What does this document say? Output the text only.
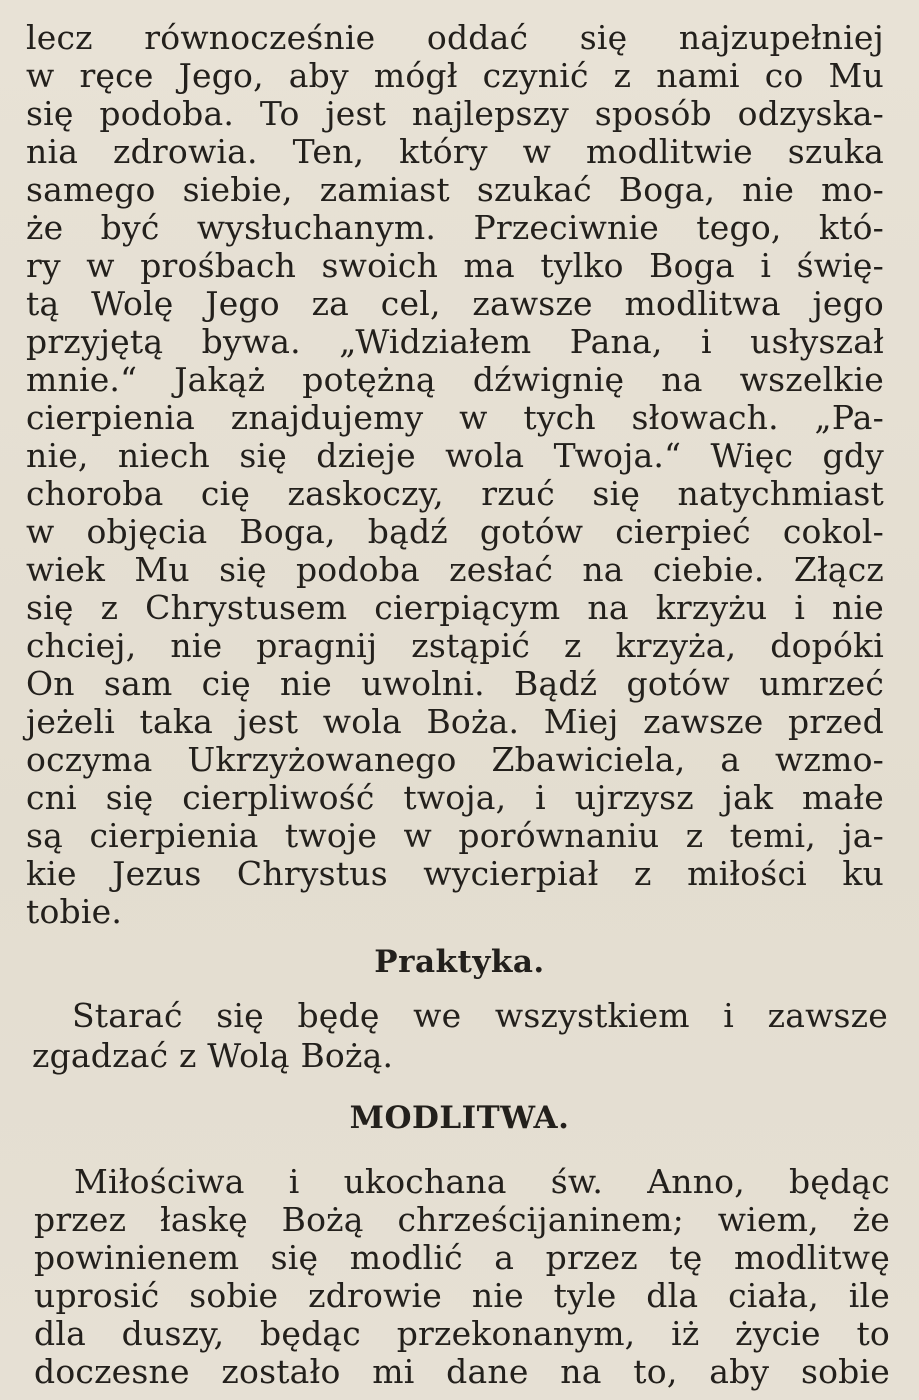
lecz równocześnie oddać się najzupełniej
w ręce Jego, aby mógł czynić z nami co Mu
się podoba. To jest najlepszy sposób odzyska-
nia zdrowia. Ten, który w modlitwie szuka
samego siebie, zamiast szukać Boga, nie mo-
że być wysłuchanym. Przeciwnie tego, któ-
ry w prośbach swoich ma tylko Boga i świę-
tą Wolę Jego za cel, zawsze modlitwa jego
przyjętą bywa. „Widziałem Pana, i usłyszał
mnie.“ Jakąż potężną dźwignię na wszelkie
cierpienia znajdujemy w tych słowach. „Pa-
nie, niech się dzieje wola Twoja.“ Więc gdy
choroba cię zaskoczy, rzuć się natychmiast
w objęcia Boga, bądź gotów cierpieć cokol-
wiek Mu się podoba zesłać na ciebie. Złącz
się z Chrystusem cierpiącym na krzyżu i nie
chciej, nie pragnij zstąpić z krzyża, dopóki
On sam cię nie uwolni. Bądź gotów umrzeć
jeżeli taka jest wola Boża. Miej zawsze przed
oczyma Ukrzyżowanego Zbawiciela, a wzmo-
cni się cierpliwość twoja, i ujrzysz jak małe
są cierpienia twoje w porównaniu z temi, ja-
kie Jezus Chrystus wycierpiał z miłości ku
tobie.
Praktyka.
Starać się będę we wszystkiem i zawsze
zgadzać z Wolą Bożą.
MODLITWA.
Miłościwa i ukochana św. Anno, będąc
przez łaskę Bożą chrześcijaninem; wiem, że
powinienem się modlić a przez tę modlitwę
uprosić sobie zdrowie nie tyle dla ciała, ile
dla duszy, będąc przekonanym, iż życie to
doczesne zostało mi dane na to, aby sobie
